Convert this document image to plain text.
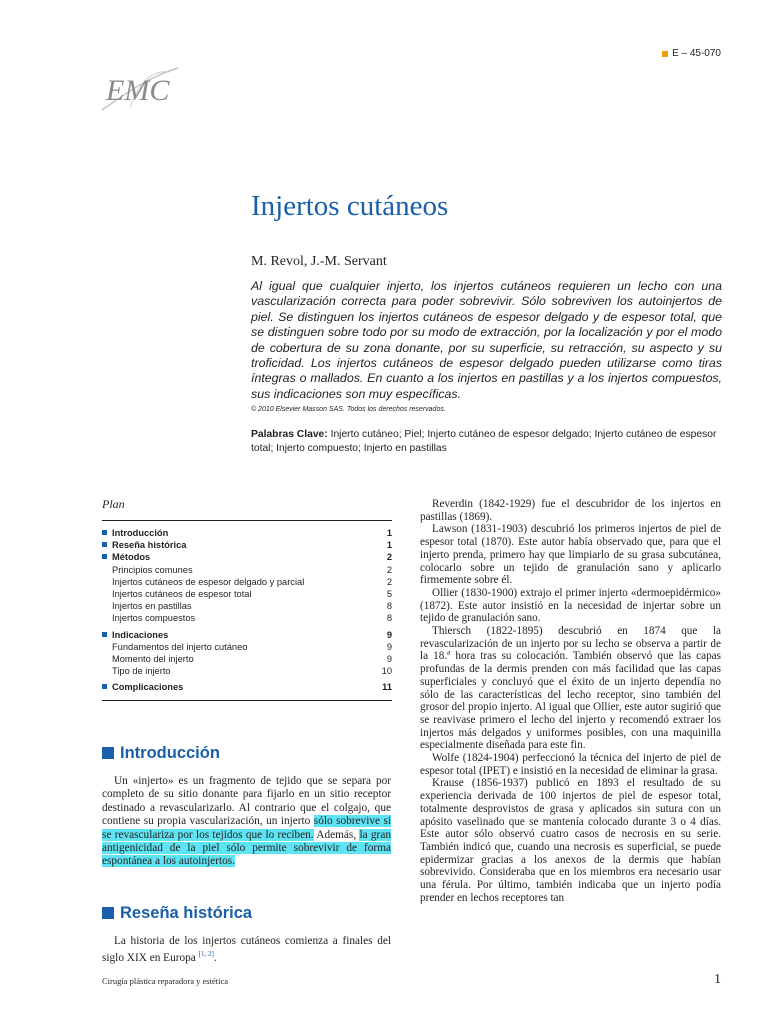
E – 45-070
EMC
Injertos cutáneos
M. Revol, J.-M. Servant

Al igual que cualquier injerto, los injertos cutáneos requieren un lecho con una vascularización correcta para poder sobrevivir. Sólo sobreviven los autoinjertos de piel. Se distinguen los injertos cutáneos de espesor delgado y de espesor total, que se distinguen sobre todo por su modo de extracción, por la localización y por el modo de cobertura de su zona donante, por su superficie, su retracción, su aspecto y su troficidad. Los injertos cutáneos de espesor delgado pueden utilizarse como tiras íntegras o mallados. En cuanto a los injertos en pastillas y a los injertos compuestos, sus indicaciones son muy específicas.

© 2010 Elsevier Masson SAS. Todos los derechos reservados.
Palabras Clave: Injerto cutáneo; Piel; Injerto cutáneo de espesor delgado; Injerto cutáneo de espesor total; Injerto compuesto; Injerto en pastillas
Plan
Introducción	1
Reseña histórica	1
Métodos	2
Principios comunes	2
Injertos cutáneos de espesor delgado y parcial	2
Injertos cutáneos de espesor total	5
Injertos en pastillas	8
Injertos compuestos	8
Indicaciones	9
Fundamentos del injerto cutáneo	9
Momento del injerto	9
Tipo de injerto	10
Complicaciones	11
Introducción

Un «injerto» es un fragmento de tejido que se separa por completo de su sitio donante para fijarlo en un sitio receptor destinado a revascularizarlo. Al contrario que el colgajo, que contiene su propia vascularización, un injerto sólo sobrevive si se revasculariza por los tejidos que lo reciben. Además, la gran antigenicidad de la piel sólo permite sobrevivir de forma espontánea a los autoinjertos.

Reseña histórica

La historia de los injertos cutáneos comienza a finales del siglo XIX en Europa [1, 2].

Reverdin (1842-1929) fue el descubridor de los injertos en pastillas (1869).

Lawson (1831-1903) descubrió los primeros injertos de piel de espesor total (1870). Este autor había observado que, para que el injerto prenda, primero hay que limpiarlo de su grasa subcutánea, colocarlo sobre un tejido de granulación sano y aplicarlo firmemente sobre él.

Ollier (1830-1900) extrajo el primer injerto «dermoepidérmico» (1872). Este autor insistió en la necesidad de injertar sobre un tejido de granulación sano.

Thiersch (1822-1895) descubrió en 1874 que la revascularización de un injerto por su lecho se observa a partir de la 18.ª hora tras su colocación. También observó que las capas profundas de la dermis prenden con más facilidad que las capas superficiales y concluyó que el éxito de un injerto dependía no sólo de las características del lecho receptor, sino también del grosor del propio injerto. Al igual que Ollier, este autor sugirió que se reavivase primero el lecho del injerto y recomendó extraer los injertos más delgados y uniformes posibles, con una maquinilla especialmente diseñada para este fin.

Wolfe (1824-1904) perfeccionó la técnica del injerto de piel de espesor total (IPET) e insistió en la necesidad de eliminar la grasa.

Krause (1856-1937) publicó en 1893 el resultado de su experiencia derivada de 100 injertos de piel de espesor total, totalmente desprovistos de grasa y aplicados sin sutura con un apósito vaselinado que se mantenía colocado durante 3 o 4 días. Este autor sólo observó cuatro casos de necrosis en su serie. También indicó que, cuando una necrosis es superficial, se puede epidermizar gracias a los anexos de la dermis que habían sobrevivido. Consideraba que en los miembros era necesario usar una férula. Por último, también indicaba que un injerto podía prender en lechos receptores tan

Cirugía plástica reparadora y estética	1
